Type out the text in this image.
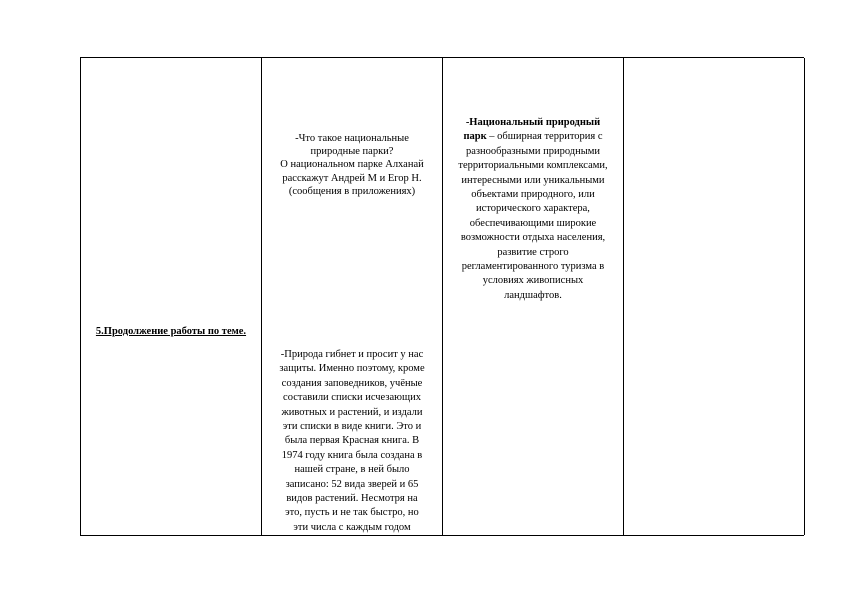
5.Продолжение работы по теме.
-Что такое национальные
природные парки?
О национальном парке Алханай
расскажут Андрей М и Егор Н.
(сообщения в приложениях)
-Природа гибнет и просит у нас
защиты. Именно поэтому, кроме
создания заповедников, учёные
составили списки исчезающих
животных и растений, и издали
эти списки в виде книги. Это и
была первая Красная книга. В
1974 году книга была создана в
нашей стране, в ней было
записано: 52 вида зверей и 65
видов растений. Несмотря на
это, пусть и не так быстро, но
эти числа с каждым годом
-Национальный природный
парк – обширная территория с
разнообразными природными
территориальными комплексами,
интересными или уникальными
объектами природного, или
исторического характера,
обеспечивающими широкие
возможности отдыха населения,
развитие строго
регламентированного туризма в
условиях живописных
ландшафтов.
